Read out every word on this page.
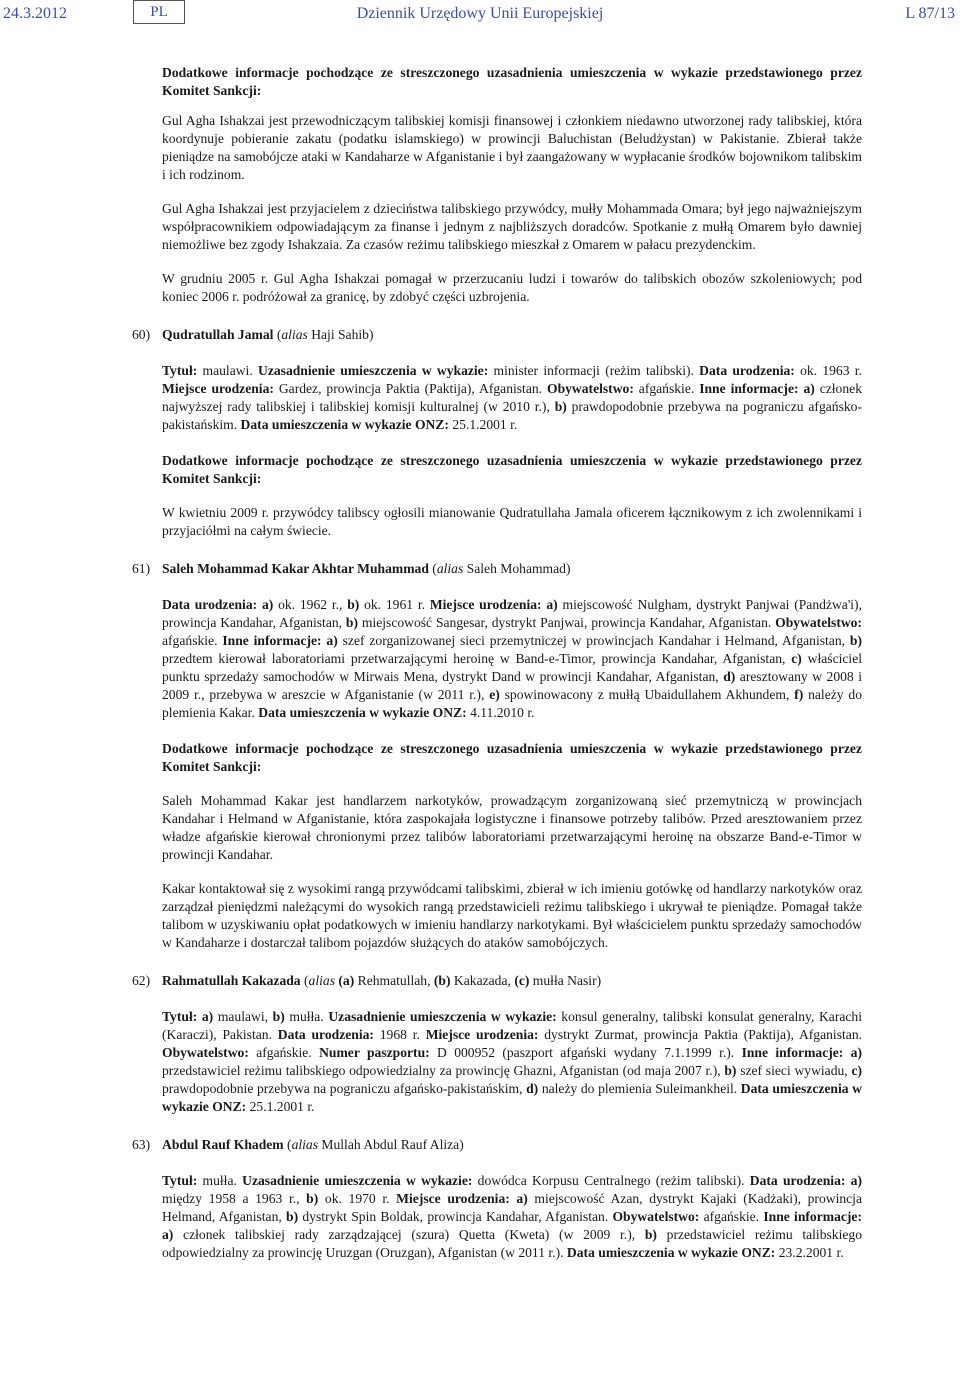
24.3.2012	PL	Dziennik Urzędowy Unii Europejskiej	L 87/13

Dodatkowe informacje pochodzące ze streszczonego uzasadnienia umieszczenia w wykazie przedstawionego przez Komitet Sankcji:

Gul Agha Ishakzai jest przewodniczącym talibskiej komisji finansowej i członkiem niedawno utworzonej rady talibskiej, która koordynuje pobieranie zakatu (podatku islamskiego) w prowincji Baluchistan (Beludżystan) w Pakistanie. Zbierał także pieniądze na samobójcze ataki w Kandaharze w Afganistanie i był zaangażowany w wypłacanie środków bojownikom talibskim i ich rodzinom.

Gul Agha Ishakzai jest przyjacielem z dzieciństwa talibskiego przywódcy, mułły Mohammada Omara; był jego najważniejszym współpracownikiem odpowiadającym za finanse i jednym z najbliższych doradców. Spotkanie z mułłą Omarem było dawniej niemożliwe bez zgody Ishakzaia. Za czasów reżimu talibskiego mieszkał z Omarem w pałacu prezydenckim.

W grudniu 2005 r. Gul Agha Ishakzai pomagał w przerzucaniu ludzi i towarów do talibskich obozów szkoleniowych; pod koniec 2006 r. podróżował za granicę, by zdobyć części uzbrojenia.

60) Qudratullah Jamal (alias Haji Sahib)

Tytuł: maulawi. Uzasadnienie umieszczenia w wykazie: minister informacji (reżim talibski). Data urodzenia: ok. 1963 r. Miejsce urodzenia: Gardez, prowincja Paktia (Paktija), Afganistan. Obywatelstwo: afgańskie. Inne informacje: a) członek najwyższej rady talibskiej i talibskiej komisji kulturalnej (w 2010 r.), b) prawdopodobnie przebywa na pograniczu afgańsko-pakistańskim. Data umieszczenia w wykazie ONZ: 25.1.2001 r.

Dodatkowe informacje pochodzące ze streszczonego uzasadnienia umieszczenia w wykazie przedstawionego przez Komitet Sankcji:

W kwietniu 2009 r. przywódcy talibscy ogłosili mianowanie Qudratullaha Jamala oficerem łącznikowym z ich zwolennikami i przyjaciółmi na całym świecie.

61) Saleh Mohammad Kakar Akhtar Muhammad (alias Saleh Mohammad)

Data urodzenia: a) ok. 1962 r., b) ok. 1961 r. Miejsce urodzenia: a) miejscowość Nulgham, dystrykt Panjwai (Pandżwa'i), prowincja Kandahar, Afganistan, b) miejscowość Sangesar, dystrykt Panjwai, prowincja Kandahar, Afganistan. Obywatelstwo: afgańskie. Inne informacje: a) szef zorganizowanej sieci przemytniczej w prowincjach Kandahar i Helmand, Afganistan, b) przedtem kierował laboratoriami przetwarzającymi heroinę w Band-e-Timor, prowincja Kandahar, Afganistan, c) właściciel punktu sprzedaży samochodów w Mirwais Mena, dystrykt Dand w prowincji Kandahar, Afganistan, d) aresztowany w 2008 i 2009 r., przebywa w areszcie w Afganistanie (w 2011 r.), e) spowinowacony z mułłą Ubaidullahem Akhundem, f) należy do plemienia Kakar. Data umieszczenia w wykazie ONZ: 4.11.2010 r.

Dodatkowe informacje pochodzące ze streszczonego uzasadnienia umieszczenia w wykazie przedstawionego przez Komitet Sankcji:

Saleh Mohammad Kakar jest handlarzem narkotyków, prowadzącym zorganizowaną sieć przemytniczą w prowincjach Kandahar i Helmand w Afganistanie, która zaspokajała logistyczne i finansowe potrzeby talibów. Przed aresztowaniem przez władze afgańskie kierował chronionymi przez talibów laboratoriami przetwarzającymi heroinę na obszarze Band-e-Timor w prowincji Kandahar.

Kakar kontaktował się z wysokimi rangą przywódcami talibskimi, zbierał w ich imieniu gotówkę od handlarzy narkotyków oraz zarządzał pieniędzmi należącymi do wysokich rangą przedstawicieli reżimu talibskiego i ukrywał te pieniądze. Pomagał także talibom w uzyskiwaniu opłat podatkowych w imieniu handlarzy narkotykami. Był właścicielem punktu sprzedaży samochodów w Kandaharze i dostarczał talibom pojazdów służących do ataków samobójczych.

62) Rahmatullah Kakazada (alias (a) Rehmatullah, (b) Kakazada, (c) mułła Nasir)

Tytuł: a) maulawi, b) mułła. Uzasadnienie umieszczenia w wykazie: konsul generalny, talibski konsulat generalny, Karachi (Karaczi), Pakistan. Data urodzenia: 1968 r. Miejsce urodzenia: dystrykt Zurmat, prowincja Paktia (Paktija), Afganistan. Obywatelstwo: afgańskie. Numer paszportu: D 000952 (paszport afgański wydany 7.1.1999 r.). Inne informacje: a) przedstawiciel reżimu talibskiego odpowiedzialny za prowincję Ghazni, Afganistan (od maja 2007 r.), b) szef sieci wywiadu, c) prawdopodobnie przebywa na pograniczu afgańsko-pakistańskim, d) należy do plemienia Suleimankheil. Data umieszczenia w wykazie ONZ: 25.1.2001 r.

63) Abdul Rauf Khadem (alias Mullah Abdul Rauf Aliza)

Tytuł: mułła. Uzasadnienie umieszczenia w wykazie: dowódca Korpusu Centralnego (reżim talibski). Data urodzenia: a) między 1958 a 1963 r., b) ok. 1970 r. Miejsce urodzenia: a) miejscowość Azan, dystrykt Kajaki (Kadżaki), prowincja Helmand, Afganistan, b) dystrykt Spin Boldak, prowincja Kandahar, Afganistan. Obywatelstwo: afgańskie. Inne informacje: a) członek talibskiej rady zarządzającej (szura) Quetta (Kweta) (w 2009 r.), b) przedstawiciel reżimu talibskiego odpowiedzialny za prowincję Uruzgan (Oruzgan), Afganistan (w 2011 r.). Data umieszczenia w wykazie ONZ: 23.2.2001 r.
